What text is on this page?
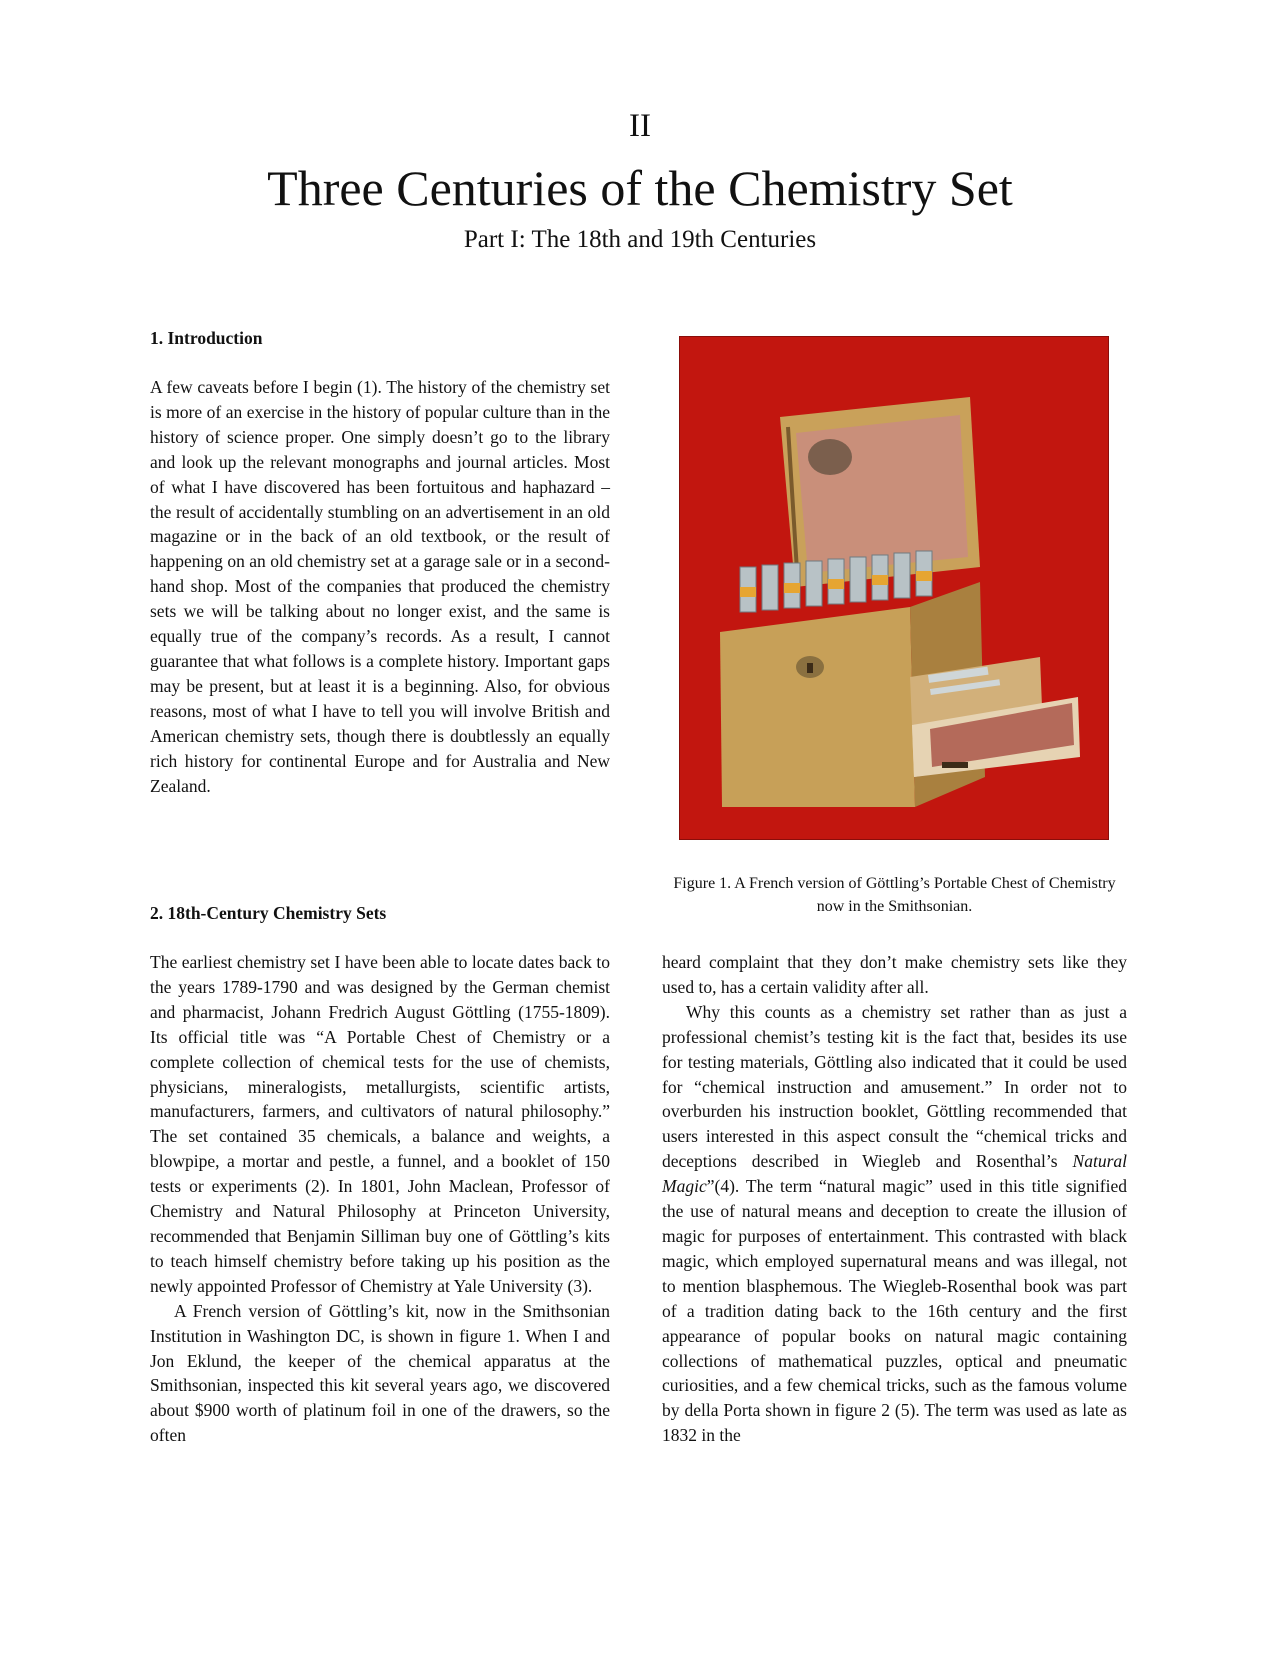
II
Three Centuries of the Chemistry Set
Part I: The 18th and 19th Centuries
1. Introduction

A few caveats before I begin (1). The history of the chemistry set is more of an exercise in the history of popular culture than in the history of science proper. One simply doesn’t go to the library and look up the relevant monographs and journal articles. Most of what I have discovered has been fortuitous and haphazard – the result of accidentally stumbling on an advertisement in an old magazine or in the back of an old textbook, or the result of happening on an old chemistry set at a garage sale or in a second-hand shop. Most of the companies that produced the chemistry sets we will be talking about no longer exist, and the same is equally true of the company’s records. As a result, I cannot guarantee that what follows is a complete history. Important gaps may be present, but at least it is a beginning. Also, for obvious reasons, most of what I have to tell you will involve British and American chemistry sets, though there is doubtlessly an equally rich history for continental Europe and for Australia and New Zealand.

2. 18th-Century Chemistry Sets

The earliest chemistry set I have been able to locate dates back to the years 1789-1790 and was designed by the German chemist and pharmacist, Johann Fredrich August Göttling (1755-1809). Its official title was “A Portable Chest of Chemistry or a complete collection of chemical tests for the use of chemists, physicians, mineralogists, metallurgists, scientific artists, manufacturers, farmers, and cultivators of natural philosophy.” The set contained 35 chemicals, a balance and weights, a blowpipe, a mortar and pestle, a funnel, and a booklet of 150 tests or experiments (2). In 1801, John Maclean, Professor of Chemistry and Natural Philosophy at Princeton University, recommended that Benjamin Silliman buy one of Göttling’s kits to teach himself chemistry before taking up his position as the newly appointed Professor of Chemistry at Yale University (3).

A French version of Göttling’s kit, now in the Smithsonian Institution in Washington DC, is shown in figure 1. When I and Jon Eklund, the keeper of the chemical apparatus at the Smithsonian, inspected this kit several years ago, we discovered about $900 worth of platinum foil in one of the drawers, so the often

Figure 1. A French version of Göttling’s Portable Chest of Chemistry now in the Smithsonian.

heard complaint that they don’t make chemistry sets like they used to, has a certain validity after all.

Why this counts as a chemistry set rather than as just a professional chemist’s testing kit is the fact that, besides its use for testing materials, Göttling also indicated that it could be used for “chemical instruction and amusement.” In order not to overburden his instruction booklet, Göttling recommended that users interested in this aspect consult the “chemical tricks and deceptions described in Wiegleb and Rosenthal’s Natural Magic”(4). The term “natural magic” used in this title signified the use of natural means and deception to create the illusion of magic for purposes of entertainment. This contrasted with black magic, which employed supernatural means and was illegal, not to mention blasphemous. The Wiegleb-Rosenthal book was part of a tradition dating back to the 16th century and the first appearance of popular books on natural magic containing collections of mathematical puzzles, optical and pneumatic curiosities, and a few chemical tricks, such as the famous volume by della Porta shown in figure 2 (5). The term was used as late as 1832 in the
